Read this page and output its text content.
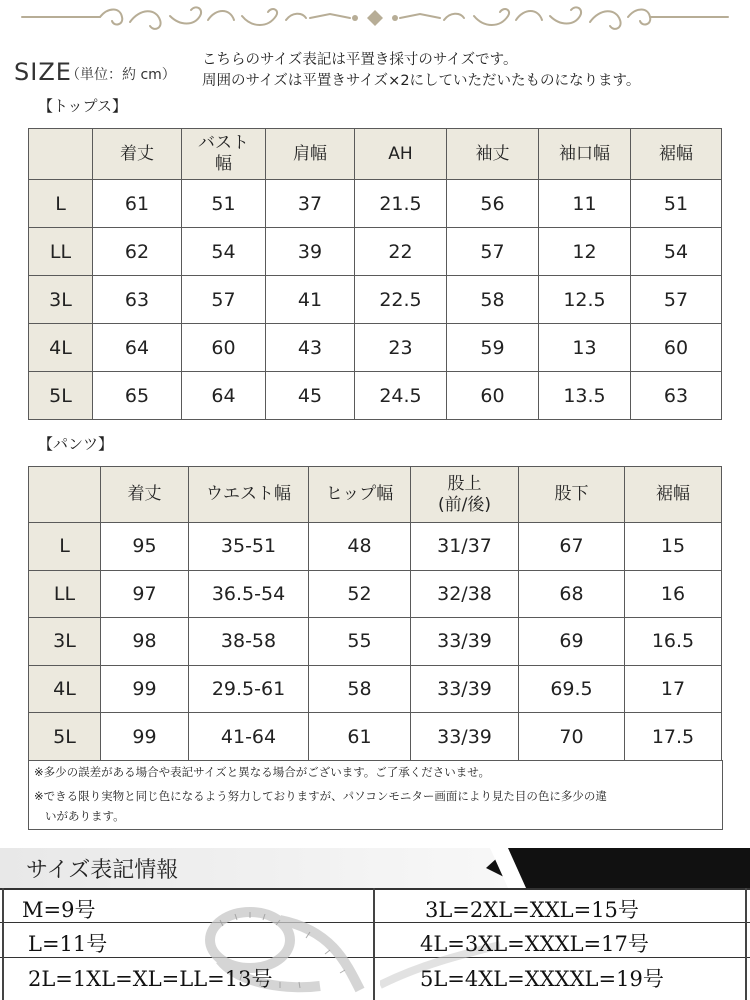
SIZE
（単位：約 cm）
こちらのサイズ表記は平置き採寸のサイズです。
周囲のサイズは平置きサイズ×2にしていただいたものになります。
【トップス】

	着丈	バスト
幅	肩幅	AH	袖丈	袖口幅	裾幅

L	61	51	37	21.5	56	11	51
LL	62	54	39	22	57	12	54
3L	63	57	41	22.5	58	12.5	57
4L	64	60	43	23	59	13	60
5L	65	64	45	24.5	60	13.5	63
【パンツ】

	着丈	ウエスト幅	ヒップ幅	股上
(前/後)	股下	裾幅

L	95	35-51	48	31/37	67	15
LL	97	36.5-54	52	32/38	68	16
3L	98	38-58	55	33/39	69	16.5
4L	99	29.5-61	58	33/39	69.5	17
5L	99	41-64	61	33/39	70	17.5
※多少の誤差がある場合や表記サイズと異なる場合がございます。ご了承くださいませ。
※できる限り実物と同じ色になるよう努力しておりますが、パソコンモニター画面により見た目の色に多少の違
いがあります。
サイズ表記情報
M=9号	3L=2XL=XXL=15号
L=11号	4L=3XL=XXXL=17号
2L=1XL=XL=LL=13号	5L=4XL=XXXXL=19号
